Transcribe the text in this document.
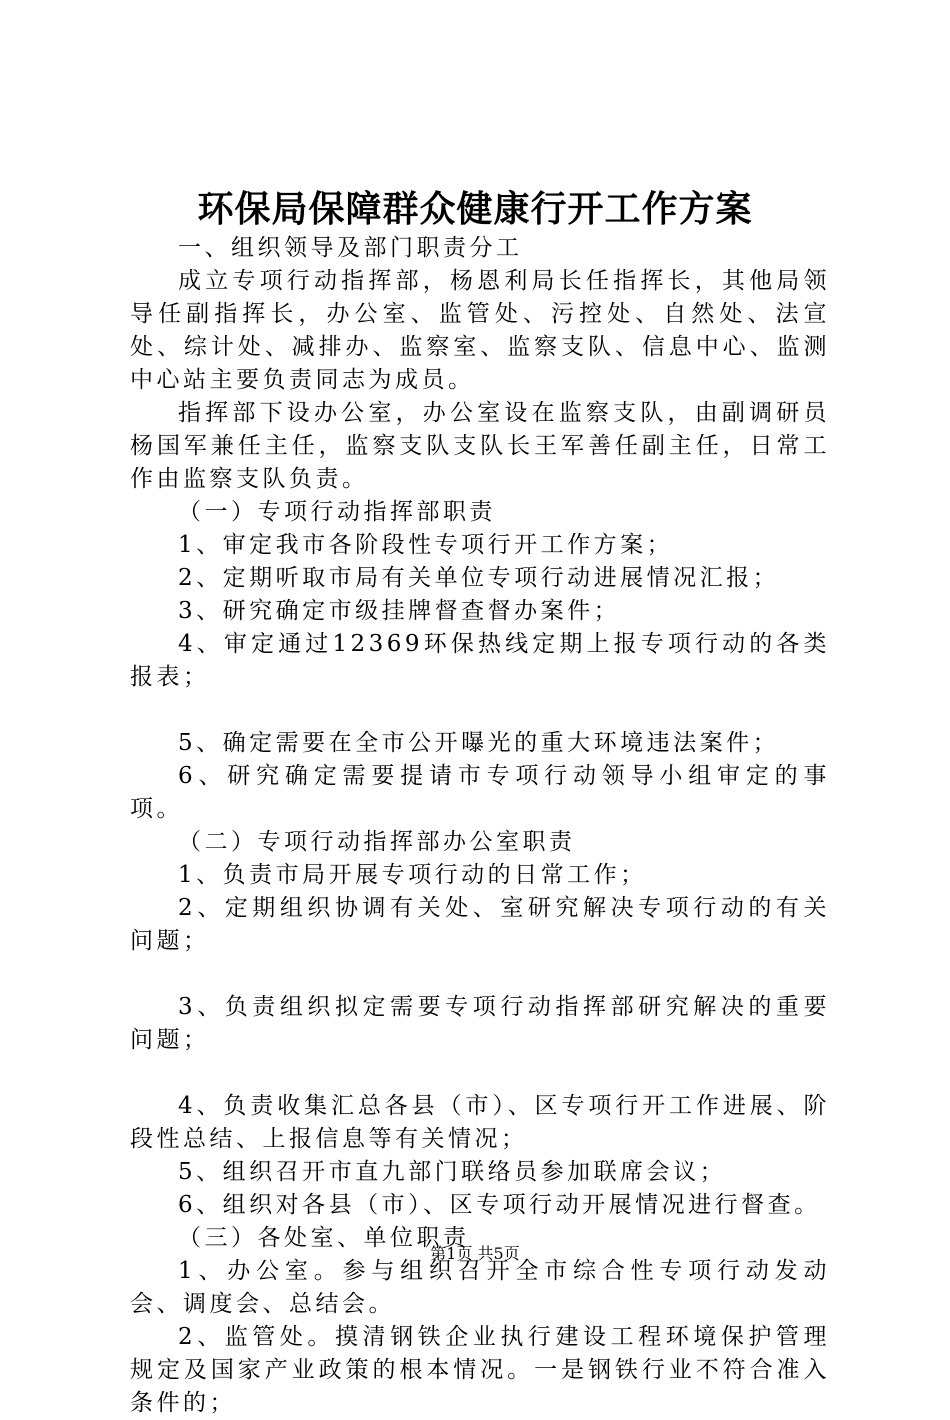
环保局保障群众健康行开工作方案

一、组织领导及部门职责分工

成立专项行动指挥部，杨恩利局长任指挥长，其他局领导任副指挥长，办公室、监管处、污控处、自然处、法宣处、综计处、减排办、监察室、监察支队、信息中心、监测中心站主要负责同志为成员。

指挥部下设办公室，办公室设在监察支队，由副调研员杨国军兼任主任，监察支队支队长王军善任副主任，日常工作由监察支队负责。

（一）专项行动指挥部职责

1、审定我市各阶段性专项行开工作方案；

2、定期听取市局有关单位专项行动进展情况汇报；

3、研究确定市级挂牌督查督办案件；

4、审定通过12369环保热线定期上报专项行动的各类报表；

5、确定需要在全市公开曝光的重大环境违法案件；

6、研究确定需要提请市专项行动领导小组审定的事项。

（二）专项行动指挥部办公室职责

1、负责市局开展专项行动的日常工作；

2、定期组织协调有关处、室研究解决专项行动的有关问题；

3、负责组织拟定需要专项行动指挥部研究解决的重要问题；

4、负责收集汇总各县（市）、区专项行开工作进展、阶段性总结、上报信息等有关情况；

5、组织召开市直九部门联络员参加联席会议；

6、组织对各县（市）、区专项行动开展情况进行督查。

（三）各处室、单位职责

1、办公室。参与组织召开全市综合性专项行动发动会、调度会、总结会。

2、监管处。摸清钢铁企业执行建设工程环境保护管理规定及国家产业政策的根本情况。一是钢铁行业不符合准入条件的；

第1页 共5页
